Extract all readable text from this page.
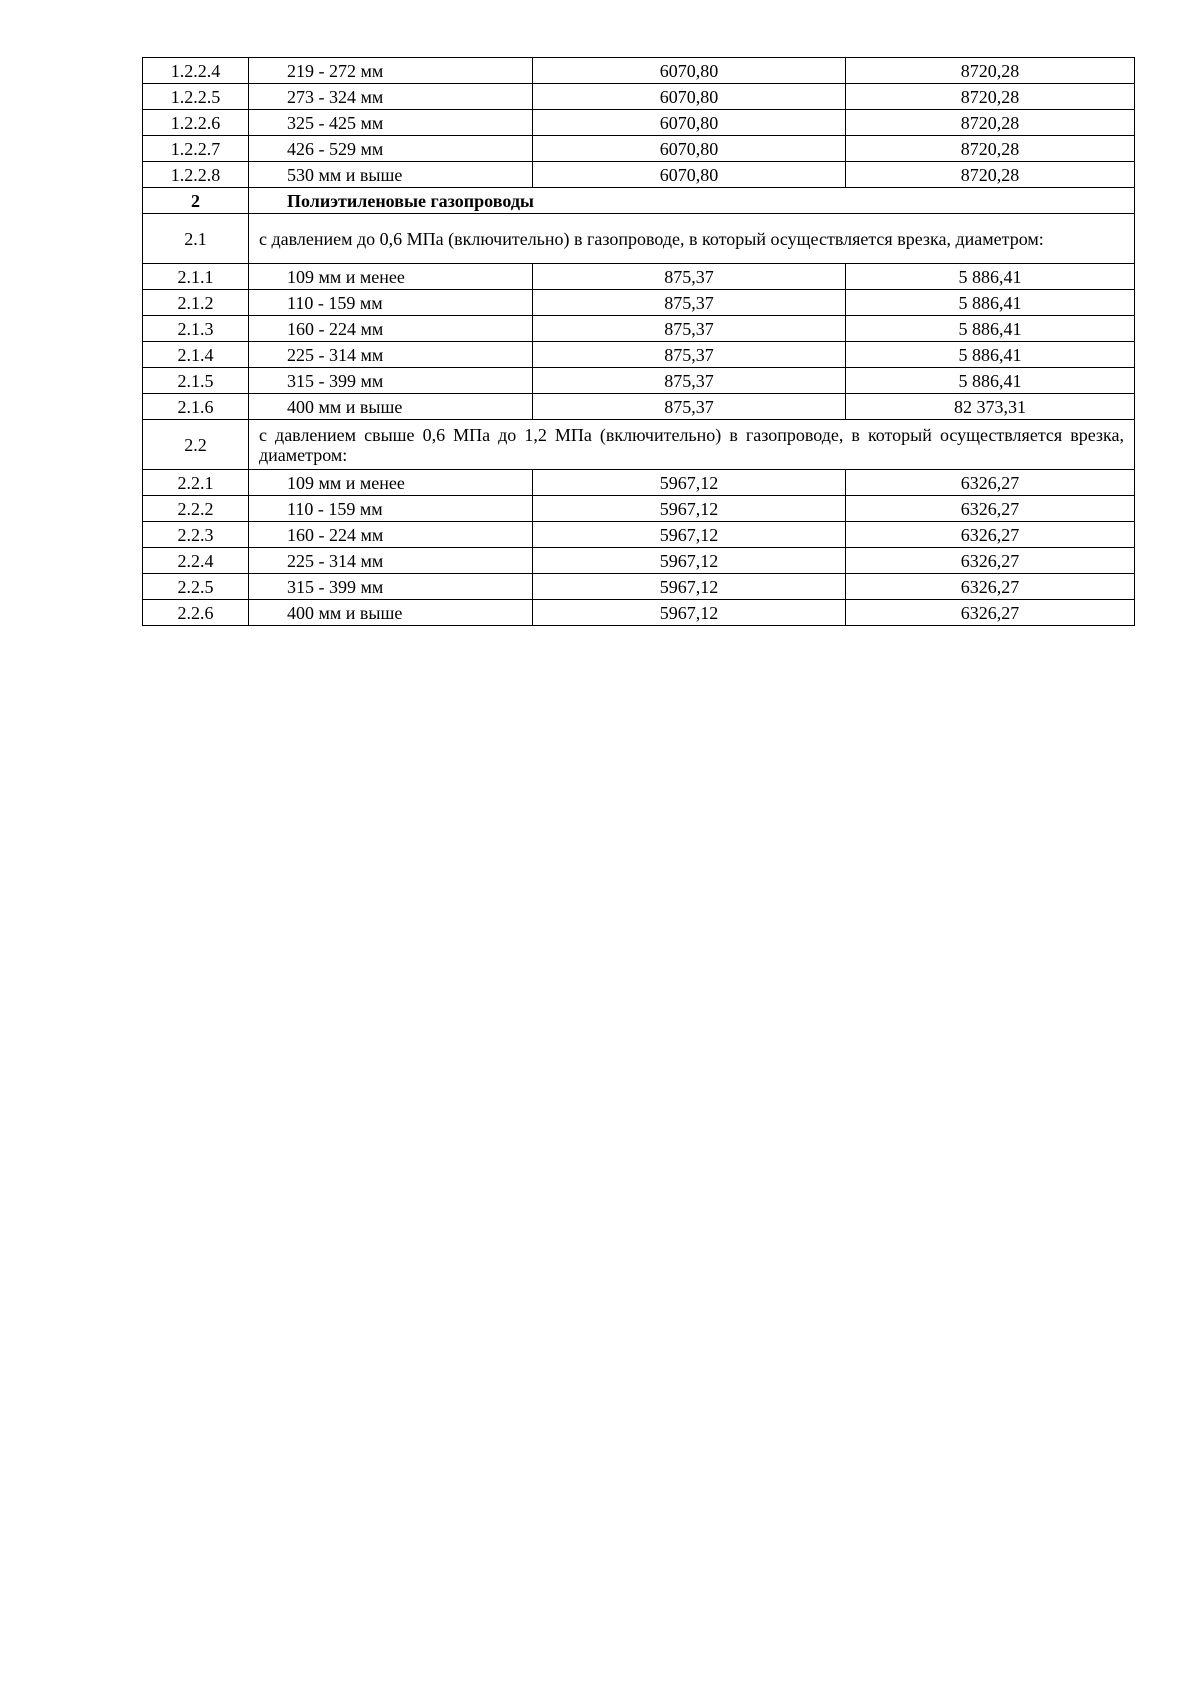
1.2.2.4	219 - 272 мм	6070,80	8720,28
1.2.2.5	273 - 324 мм	6070,80	8720,28
1.2.2.6	325 - 425 мм	6070,80	8720,28
1.2.2.7	426 - 529 мм	6070,80	8720,28
1.2.2.8	530 мм и выше	6070,80	8720,28
2	Полиэтиленовые газопроводы		
2.1	с давлением до 0,6 МПа (включительно) в газопроводе, в который осуществляется врезка, диаметром:		
2.1.1	109 мм и менее	875,37	5 886,41
2.1.2	110 - 159 мм	875,37	5 886,41
2.1.3	160 - 224 мм	875,37	5 886,41
2.1.4	225 - 314 мм	875,37	5 886,41
2.1.5	315 - 399 мм	875,37	5 886,41
2.1.6	400 мм и выше	875,37	82 373,31
2.2	с давлением свыше 0,6 МПа до 1,2 МПа (включительно) в газопроводе, в который осуществляется врезка, диаметром:		
2.2.1	109 мм и менее	5967,12	6326,27
2.2.2	110 - 159 мм	5967,12	6326,27
2.2.3	160 - 224 мм	5967,12	6326,27
2.2.4	225 - 314 мм	5967,12	6326,27
2.2.5	315 - 399 мм	5967,12	6326,27
2.2.6	400 мм и выше	5967,12	6326,27
